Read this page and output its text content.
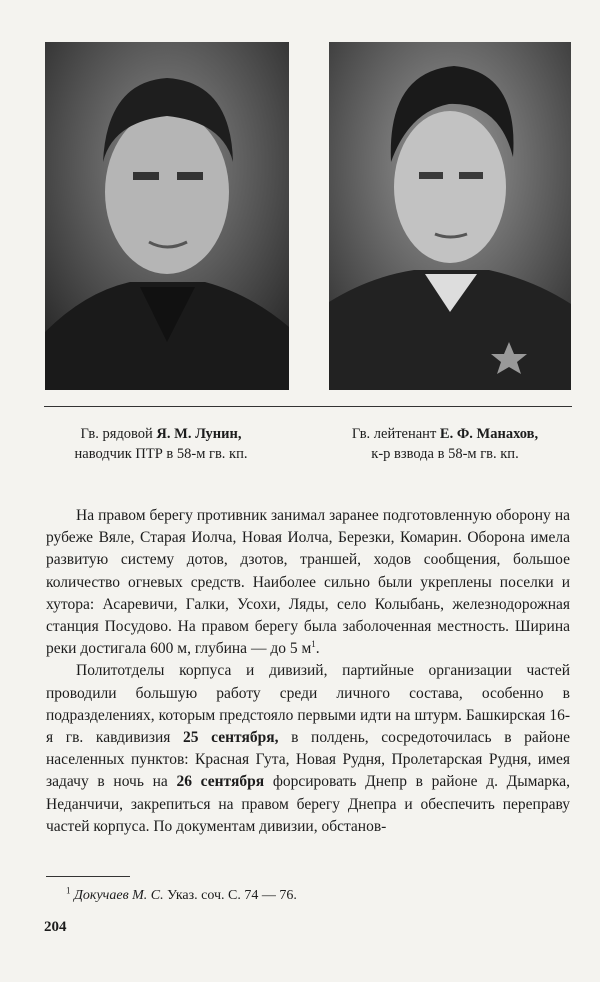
Гв. рядовой Я. М. Лунин,
наводчик ПТР в 58-м гв. кп.
Гв. лейтенант Е. Ф. Манахов,
к-р взвода в 58-м гв. кп.

На правом берегу противник занимал заранее подготовленную оборону на рубеже Вяле, Старая Иолча, Новая Иолча, Березки, Комарин. Оборона имела развитую систему дотов, дзотов, траншей, ходов сообщения, большое количество огневых средств. Наиболее сильно были укреплены поселки и хутора: Асаревичи, Галки, Усохи, Ляды, село Колыбань, железнодорожная станция Посудово. На правом берегу была заболоченная местность. Ширина реки достигала 600 м, глубина — до 5 $м^1$.

Политотделы корпуса и дивизий, партийные организации частей проводили большую работу среди личного состава, особенно в подразделениях, которым предстояло первыми идти на штурм. Башкирская 16-я гв. кавдивизия 25 сентября, в полдень, сосредоточилась в районе населенных пунктов: Красная Гута, Новая Рудня, Пролетарская Рудня, имея задачу в ночь на 26 сентября форсировать Днепр в районе д. Дымарка, Неданчичи, закрепиться на правом берегу Днепра и обеспечить переправу частей корпуса. По документам дивизии, обстанов-

$^1$ Докучаев М. С. Указ. соч. С. 74 — 76.
204
